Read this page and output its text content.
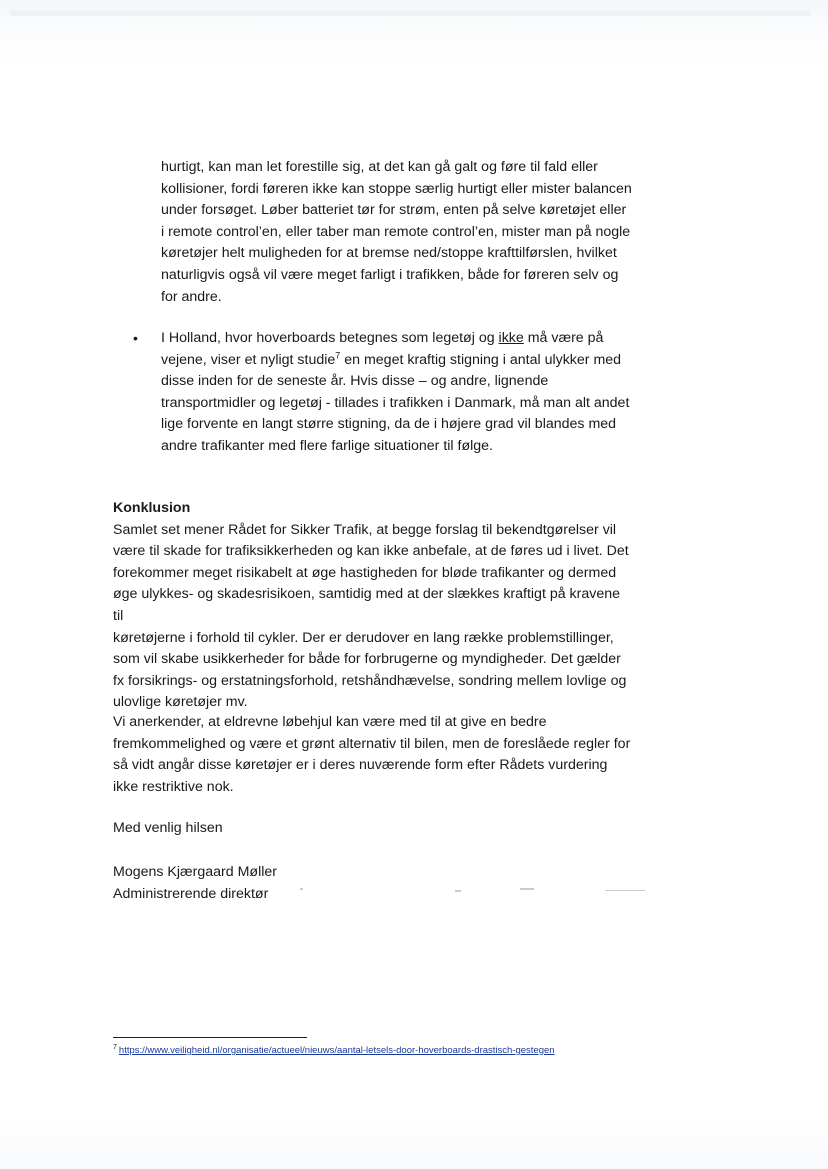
hurtigt, kan man let forestille sig, at det kan gå galt og føre til fald eller
kollisioner, fordi føreren ikke kan stoppe særlig hurtigt eller mister balancen
under forsøget. Løber batteriet tør for strøm, enten på selve køretøjet eller
i remote control’en, eller taber man remote control’en, mister man på nogle
køretøjer helt muligheden for at bremse ned/stoppe krafttilførslen, hvilket
naturligvis også vil være meget farligt i trafikken, både for føreren selv og
for andre.
• I Holland, hvor hoverboards betegnes som legetøj og ikke må være på
vejene, viser et nyligt studie$^7$ en meget kraftig stigning i antal ulykker med
disse inden for de seneste år. Hvis disse – og andre, lignende
transportmidler og legetøj - tillades i trafikken i Danmark, må man alt andet
lige forvente en langt større stigning, da de i højere grad vil blandes med
andre trafikanter med flere farlige situationer til følge.
Konklusion
Samlet set mener Rådet for Sikker Trafik, at begge forslag til bekendtgørelser vil
være til skade for trafiksikkerheden og kan ikke anbefale, at de føres ud i livet. Det
forekommer meget risikabelt at øge hastigheden for bløde trafikanter og dermed
øge ulykkes- og skadesrisikoen, samtidig med at der slækkes kraftigt på kravene til
køretøjerne i forhold til cykler. Der er derudover en lang række problemstillinger,
som vil skabe usikkerheder for både for forbrugerne og myndigheder. Det gælder
fx forsikrings- og erstatningsforhold, retshåndhævelse, sondring mellem lovlige og
ulovlige køretøjer mv.
Vi anerkender, at eldrevne løbehjul kan være med til at give en bedre
fremkommelighed og være et grønt alternativ til bilen, men de foreslåede regler for
så vidt angår disse køretøjer er i deres nuværende form efter Rådets vurdering
ikke restriktive nok.
Med venlig hilsen
Mogens Kjærgaard Møller
Administrerende direktør
$^7$ https://www.veiligheid.nl/organisatie/actueel/nieuws/aantal-letsels-door-hoverboards-drastisch-gestegen
